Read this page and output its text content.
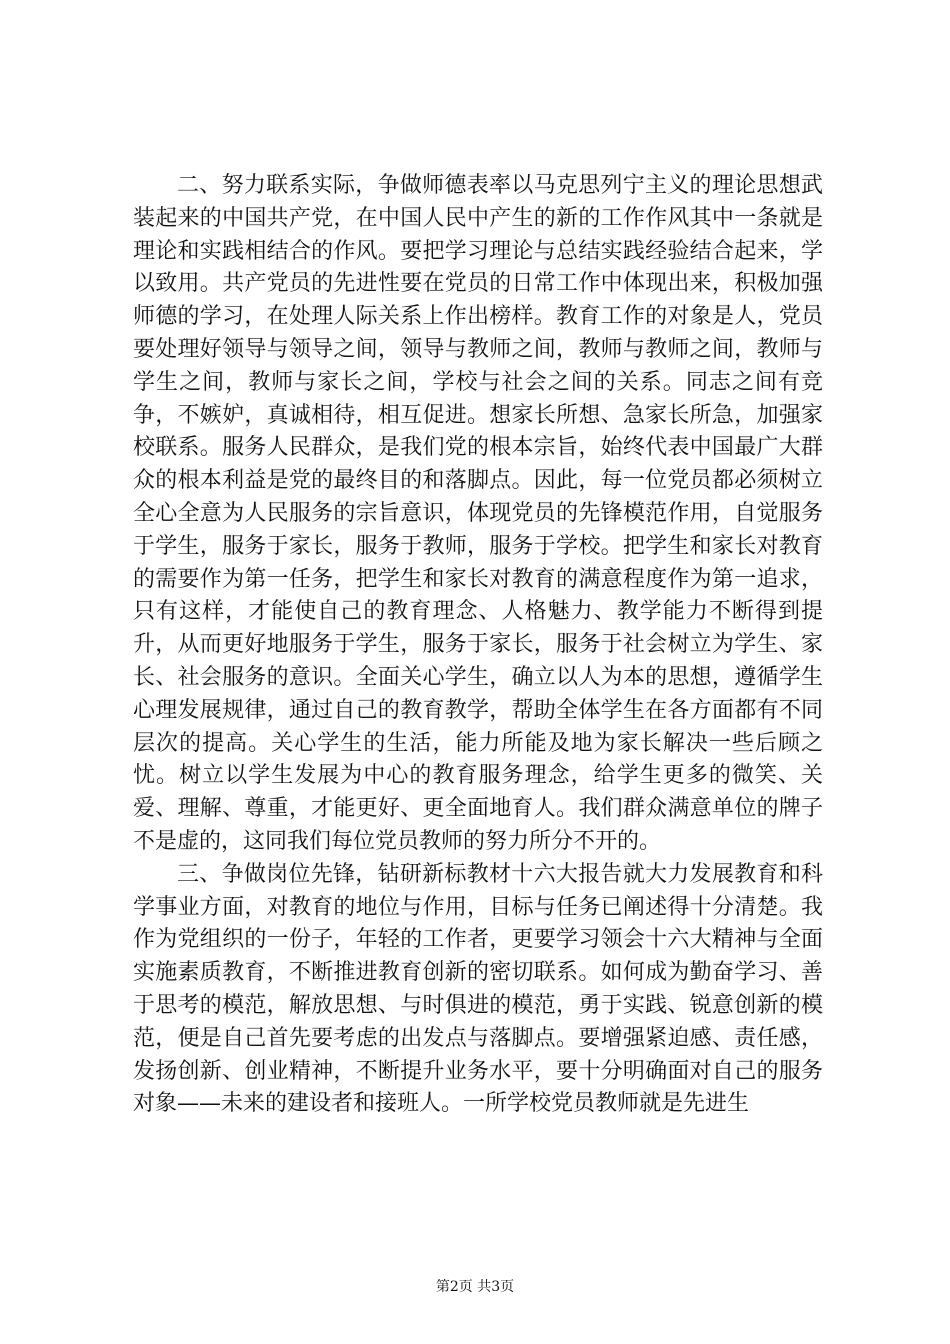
二、努力联系实际，争做师德表率以马克思列宁主义的理论思想武装起来的中国共产党，在中国人民中产生的新的工作作风其中一条就是理论和实践相结合的作风。要把学习理论与总结实践经验结合起来，学以致用。共产党员的先进性要在党员的日常工作中体现出来，积极加强师德的学习，在处理人际关系上作出榜样。教育工作的对象是人，党员要处理好领导与领导之间，领导与教师之间，教师与教师之间，教师与学生之间，教师与家长之间，学校与社会之间的关系。同志之间有竞争，不嫉妒，真诚相待，相互促进。想家长所想、急家长所急，加强家校联系。服务人民群众，是我们党的根本宗旨，始终代表中国最广大群众的根本利益是党的最终目的和落脚点。因此，每一位党员都必须树立全心全意为人民服务的宗旨意识，体现党员的先锋模范作用，自觉服务于学生，服务于家长，服务于教师，服务于学校。把学生和家长对教育的需要作为第一任务，把学生和家长对教育的满意程度作为第一追求，只有这样，才能使自己的教育理念、人格魅力、教学能力不断得到提升，从而更好地服务于学生，服务于家长，服务于社会树立为学生、家长、社会服务的意识。全面关心学生，确立以人为本的思想，遵循学生心理发展规律，通过自己的教育教学，帮助全体学生在各方面都有不同层次的提高。关心学生的生活，能力所能及地为家长解决一些后顾之忧。树立以学生发展为中心的教育服务理念，给学生更多的微笑、关爱、理解、尊重，才能更好、更全面地育人。我们群众满意单位的牌子不是虚的，这同我们每位党员教师的努力所分不开的。

三、争做岗位先锋，钻研新标教材十六大报告就大力发展教育和科学事业方面，对教育的地位与作用，目标与任务已阐述得十分清楚。我作为党组织的一份子，年轻的工作者，更要学习领会十六大精神与全面实施素质教育，不断推进教育创新的密切联系。如何成为勤奋学习、善于思考的模范，解放思想、与时俱进的模范，勇于实践、锐意创新的模范，便是自己首先要考虑的出发点与落脚点。要增强紧迫感、责任感，发扬创新、创业精神，不断提升业务水平，要十分明确面对自己的服务对象——未来的建设者和接班人。一所学校党员教师就是先进生

第2页 共3页
